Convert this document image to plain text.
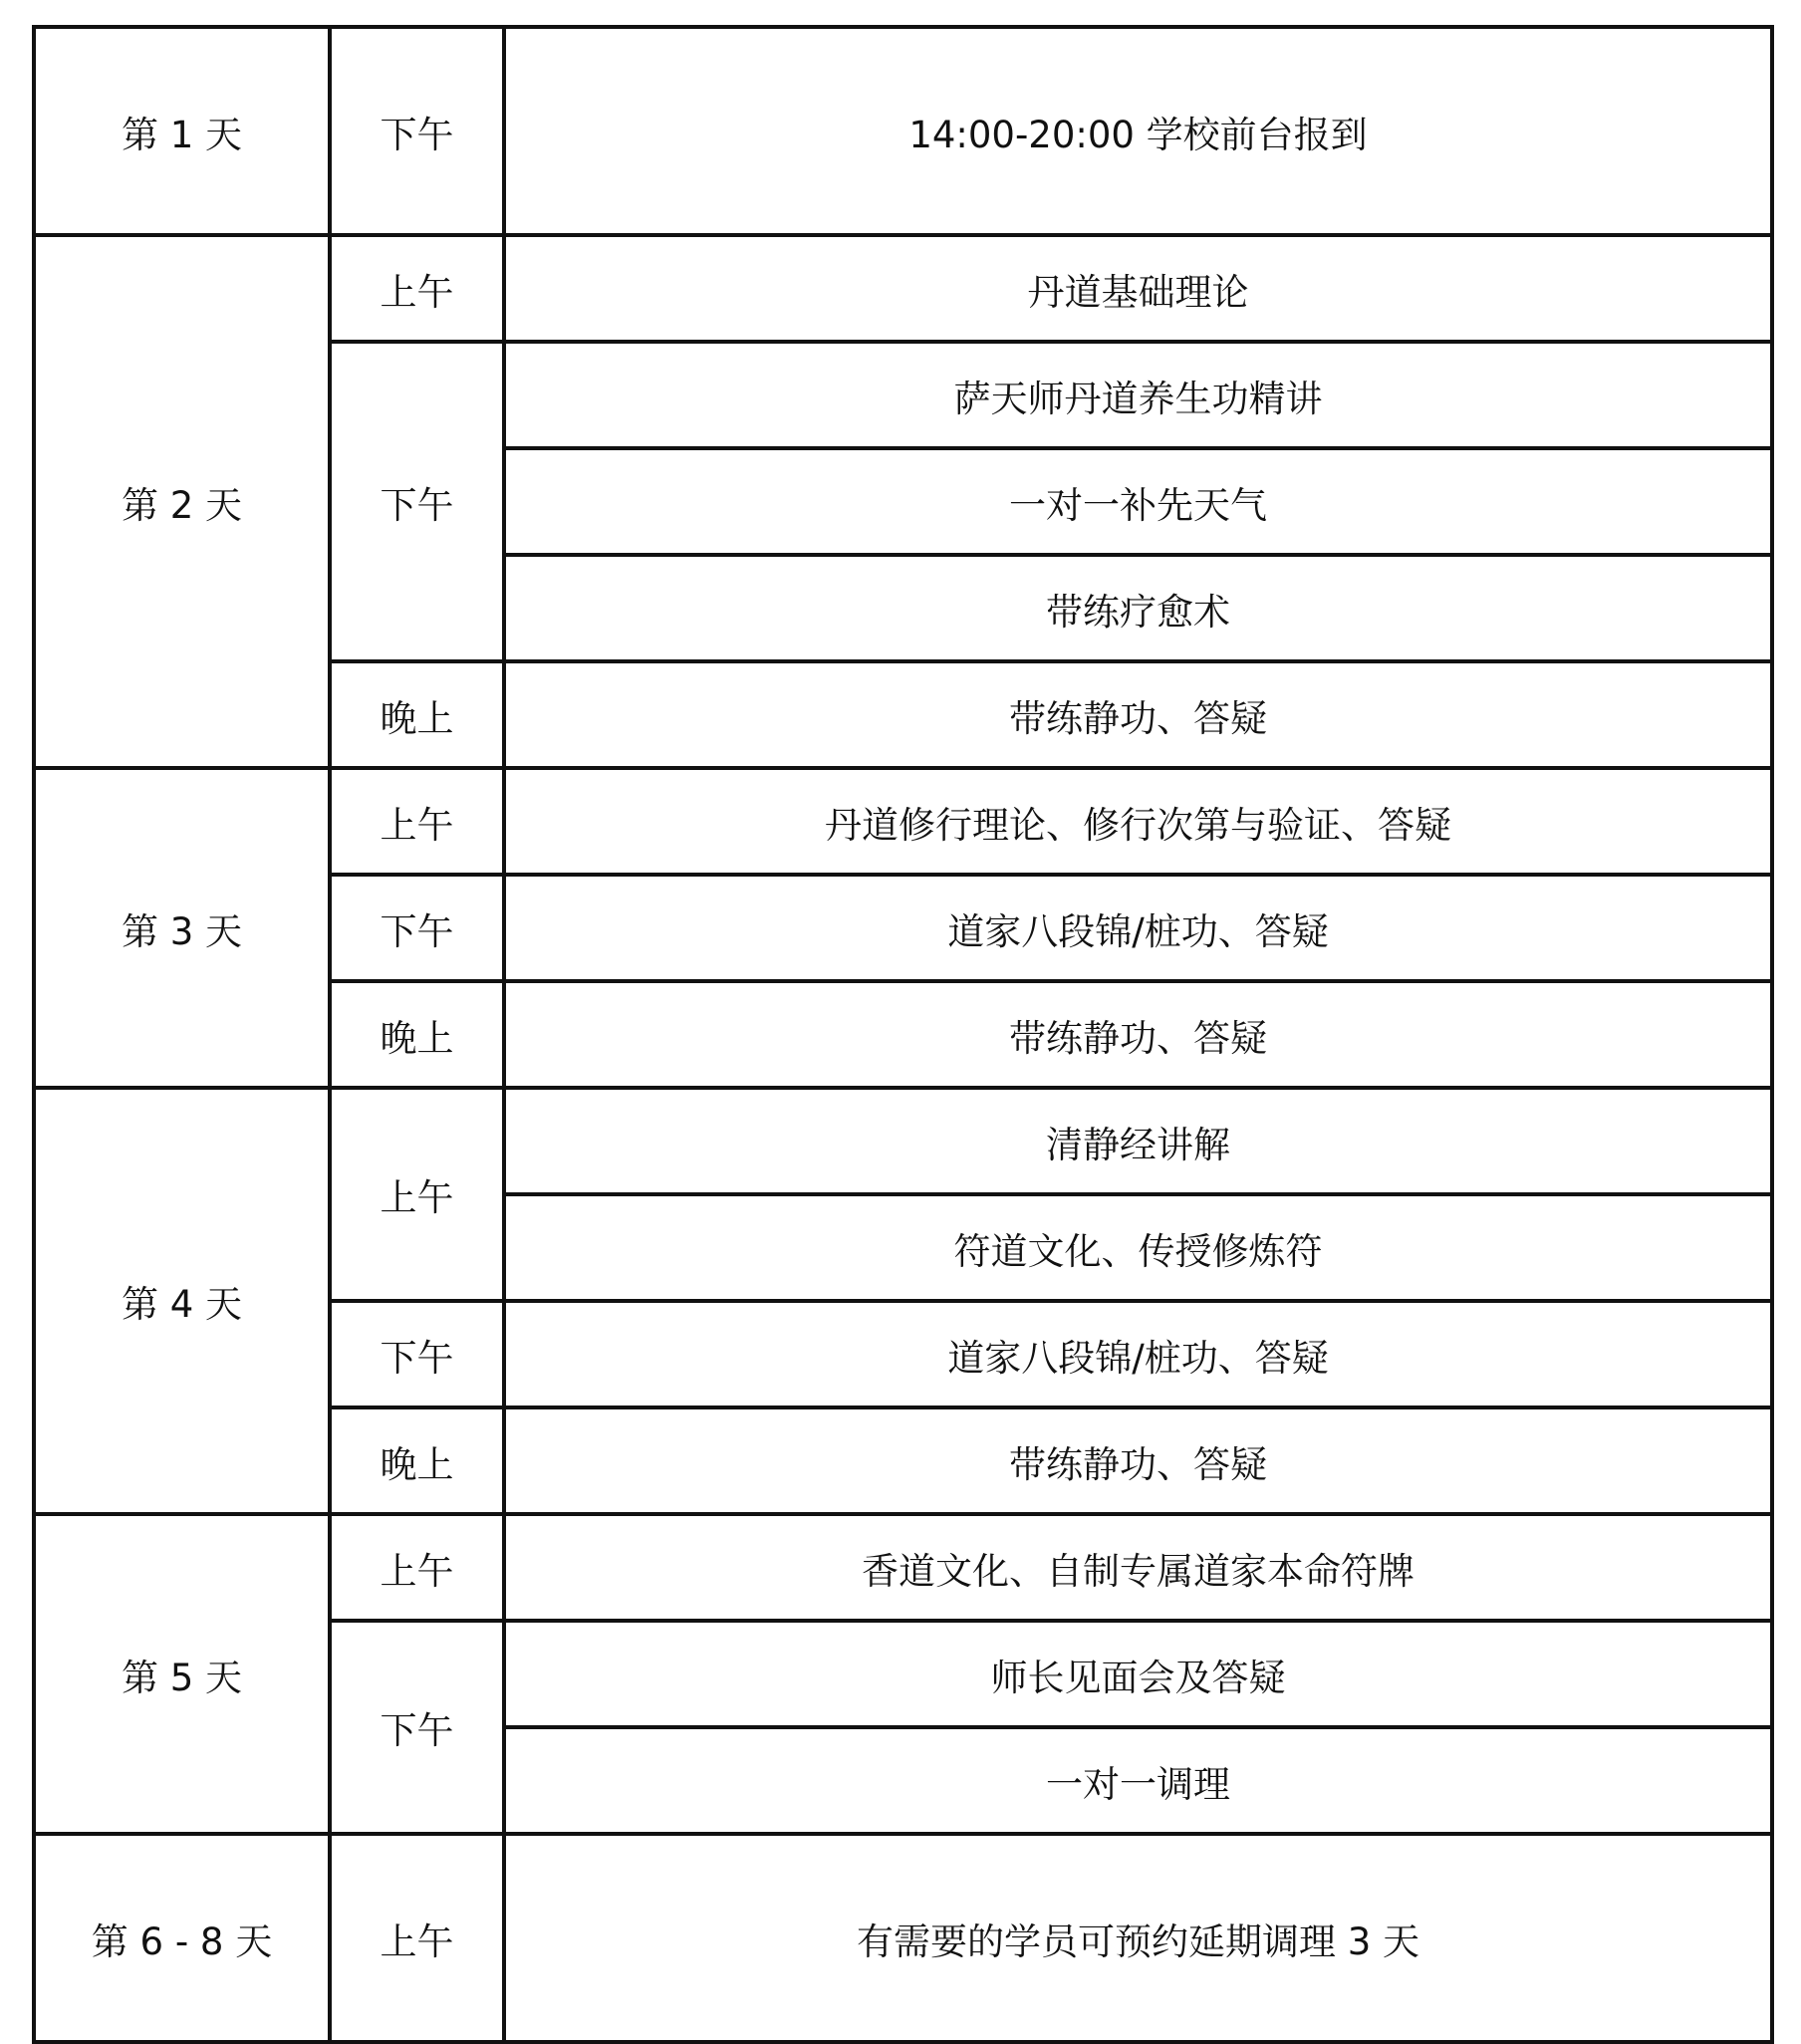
第 1 天	下午	14:00-20:00 学校前台报到
第 2 天	上午	丹道基础理论
	下午	萨天师丹道养生功精讲
		一对一补先天气
		带练疗愈术
	晚上	带练静功、答疑
第 3 天	上午	丹道修行理论、修行次第与验证、答疑
	下午	道家八段锦/桩功、答疑
	晚上	带练静功、答疑
第 4 天	上午	清静经讲解
		符道文化、传授修炼符
	下午	道家八段锦/桩功、答疑
	晚上	带练静功、答疑
第 5 天	上午	香道文化、自制专属道家本命符牌
	下午	师长见面会及答疑
		一对一调理
第 6 - 8 天	上午	有需要的学员可预约延期调理 3 天
